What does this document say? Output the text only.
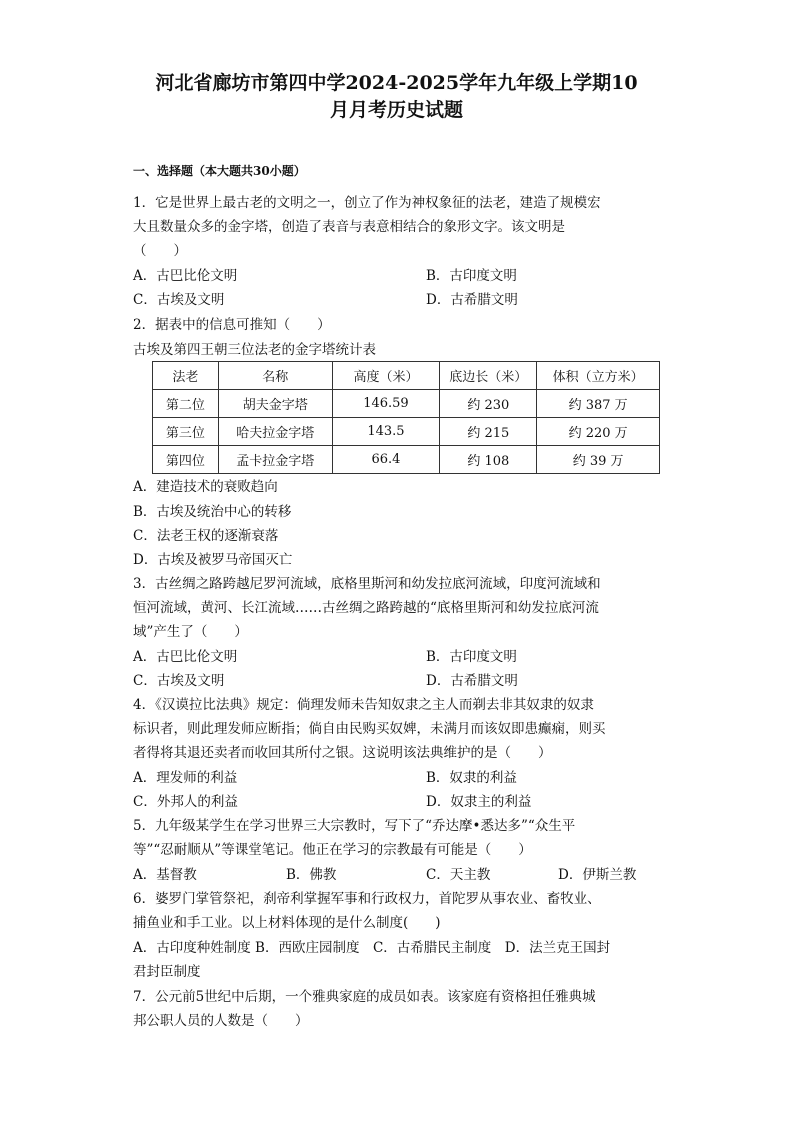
河北省廊坊市第四中学2024-2025学年九年级上学期10
月月考历史试题
一、选择题（本大题共30小题）
1．它是世界上最古老的文明之一，创立了作为神权象征的法老，建造了规模宏
大且数量众多的金字塔，创造了表音与表意相结合的象形文字。该文明是
（　　）
A．古巴比伦文明	B．古印度文明
C．古埃及文明	D．古希腊文明
2．据表中的信息可推知（　　）
古埃及第四王朝三位法老的金字塔统计表
法老	名称	高度（米）	底边长（米）	体积（立方米）
第二位	胡夫金字塔	146.59	约 230	约 387 万
第三位	哈夫拉金字塔	143.5	约 215	约 220 万
第四位	孟卡拉金字塔	66.4	约 108	约 39 万
A．建造技术的衰败趋向
B．古埃及统治中心的转移
C．法老王权的逐渐衰落
D．古埃及被罗马帝国灭亡
3．古丝绸之路跨越尼罗河流域，底格里斯河和幼发拉底河流域，印度河流域和
恒河流域，黄河、长江流域……古丝绸之路跨越的“底格里斯河和幼发拉底河流
域”产生了（　　）
A．古巴比伦文明	B．古印度文明
C．古埃及文明	D．古希腊文明
4．《汉谟拉比法典》规定：倘理发师未告知奴隶之主人而剃去非其奴隶的奴隶
标识者，则此理发师应断指；倘自由民购买奴婢，未满月而该奴即患癫痫，则买
者得将其退还卖者而收回其所付之银。这说明该法典维护的是（　　）
A．理发师的利益	B．奴隶的利益
C．外邦人的利益	D．奴隶主的利益
5．九年级某学生在学习世界三大宗教时，写下了“乔达摩•悉达多”“众生平
等”“忍耐顺从”等课堂笔记。他正在学习的宗教最有可能是（　　）
A．基督教	B．佛教	C．天主教	D．伊斯兰教
6．婆罗门掌管祭祀，刹帝利掌握军事和行政权力，首陀罗从事农业、畜牧业、
捕鱼业和手工业。以上材料体现的是什么制度(　　)
A．古印度种姓制度 B．西欧庄园制度　C．古希腊民主制度　D．法兰克王国封
君封臣制度
7．公元前5世纪中后期，一个雅典家庭的成员如表。该家庭有资格担任雅典城
邦公职人员的人数是（　　）
